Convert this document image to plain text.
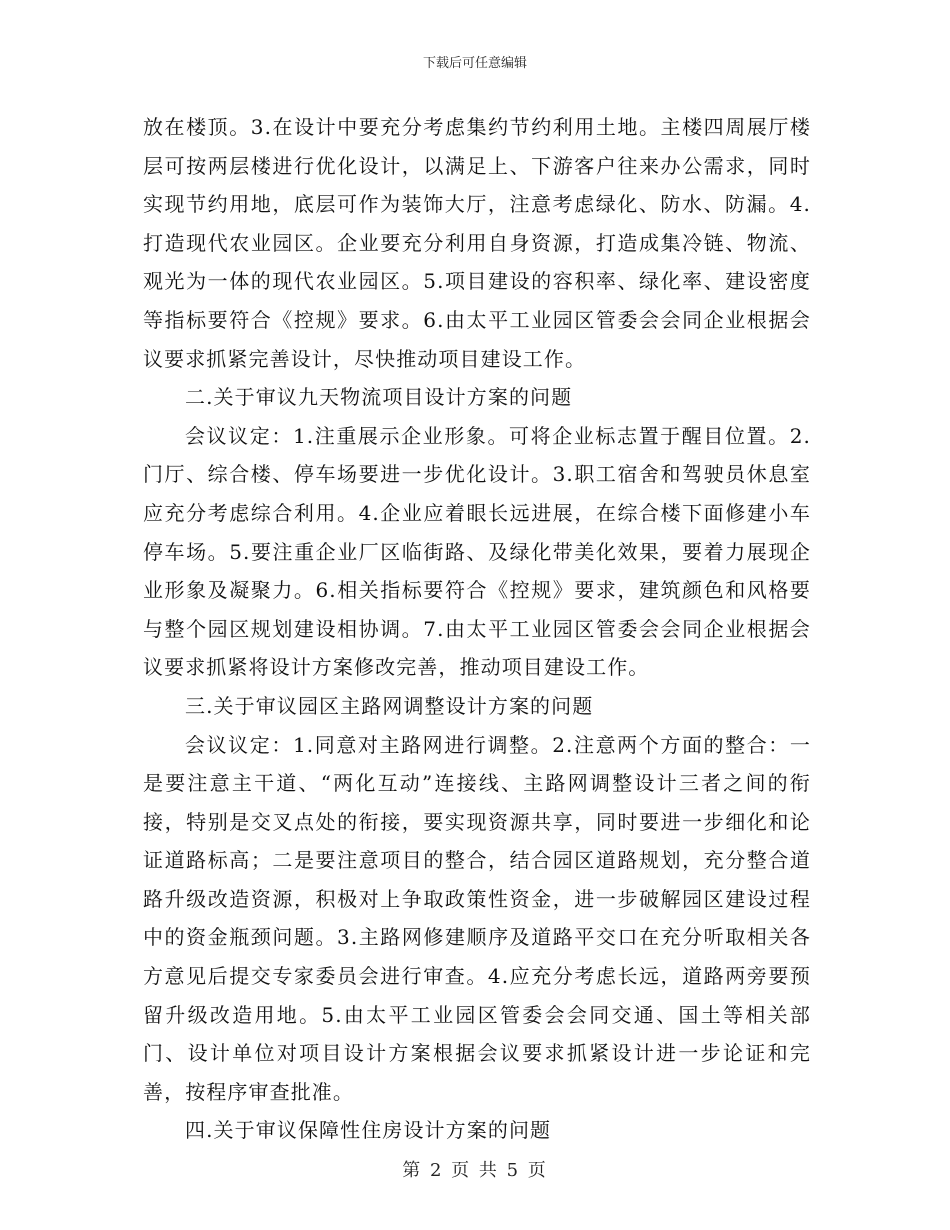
下载后可任意编辑

放在楼顶。3.在设计中要充分考虑集约节约利用土地。主楼四周展厅楼层可按两层楼进行优化设计，以满足上、下游客户往来办公需求，同时实现节约用地，底层可作为装饰大厅，注意考虑绿化、防水、防漏。4.打造现代农业园区。企业要充分利用自身资源，打造成集冷链、物流、观光为一体的现代农业园区。5.项目建设的容积率、绿化率、建设密度等指标要符合《控规》要求。6.由太平工业园区管委会会同企业根据会议要求抓紧完善设计，尽快推动项目建设工作。

二.关于审议九天物流项目设计方案的问题

会议议定：1.注重展示企业形象。可将企业标志置于醒目位置。2.门厅、综合楼、停车场要进一步优化设计。3.职工宿舍和驾驶员休息室应充分考虑综合利用。4.企业应着眼长远进展，在综合楼下面修建小车停车场。5.要注重企业厂区临街路、及绿化带美化效果，要着力展现企业形象及凝聚力。6.相关指标要符合《控规》要求，建筑颜色和风格要与整个园区规划建设相协调。7.由太平工业园区管委会会同企业根据会议要求抓紧将设计方案修改完善，推动项目建设工作。

三.关于审议园区主路网调整设计方案的问题

会议议定：1.同意对主路网进行调整。2.注意两个方面的整合：一是要注意主干道、“两化互动”连接线、主路网调整设计三者之间的衔接，特别是交叉点处的衔接，要实现资源共享，同时要进一步细化和论证道路标高；二是要注意项目的整合，结合园区道路规划，充分整合道路升级改造资源，积极对上争取政策性资金，进一步破解园区建设过程中的资金瓶颈问题。3.主路网修建顺序及道路平交口在充分听取相关各方意见后提交专家委员会进行审查。4.应充分考虑长远，道路两旁要预留升级改造用地。5.由太平工业园区管委会会同交通、国土等相关部门、设计单位对项目设计方案根据会议要求抓紧设计进一步论证和完善，按程序审查批准。

四.关于审议保障性住房设计方案的问题

第 2 页 共 5 页
